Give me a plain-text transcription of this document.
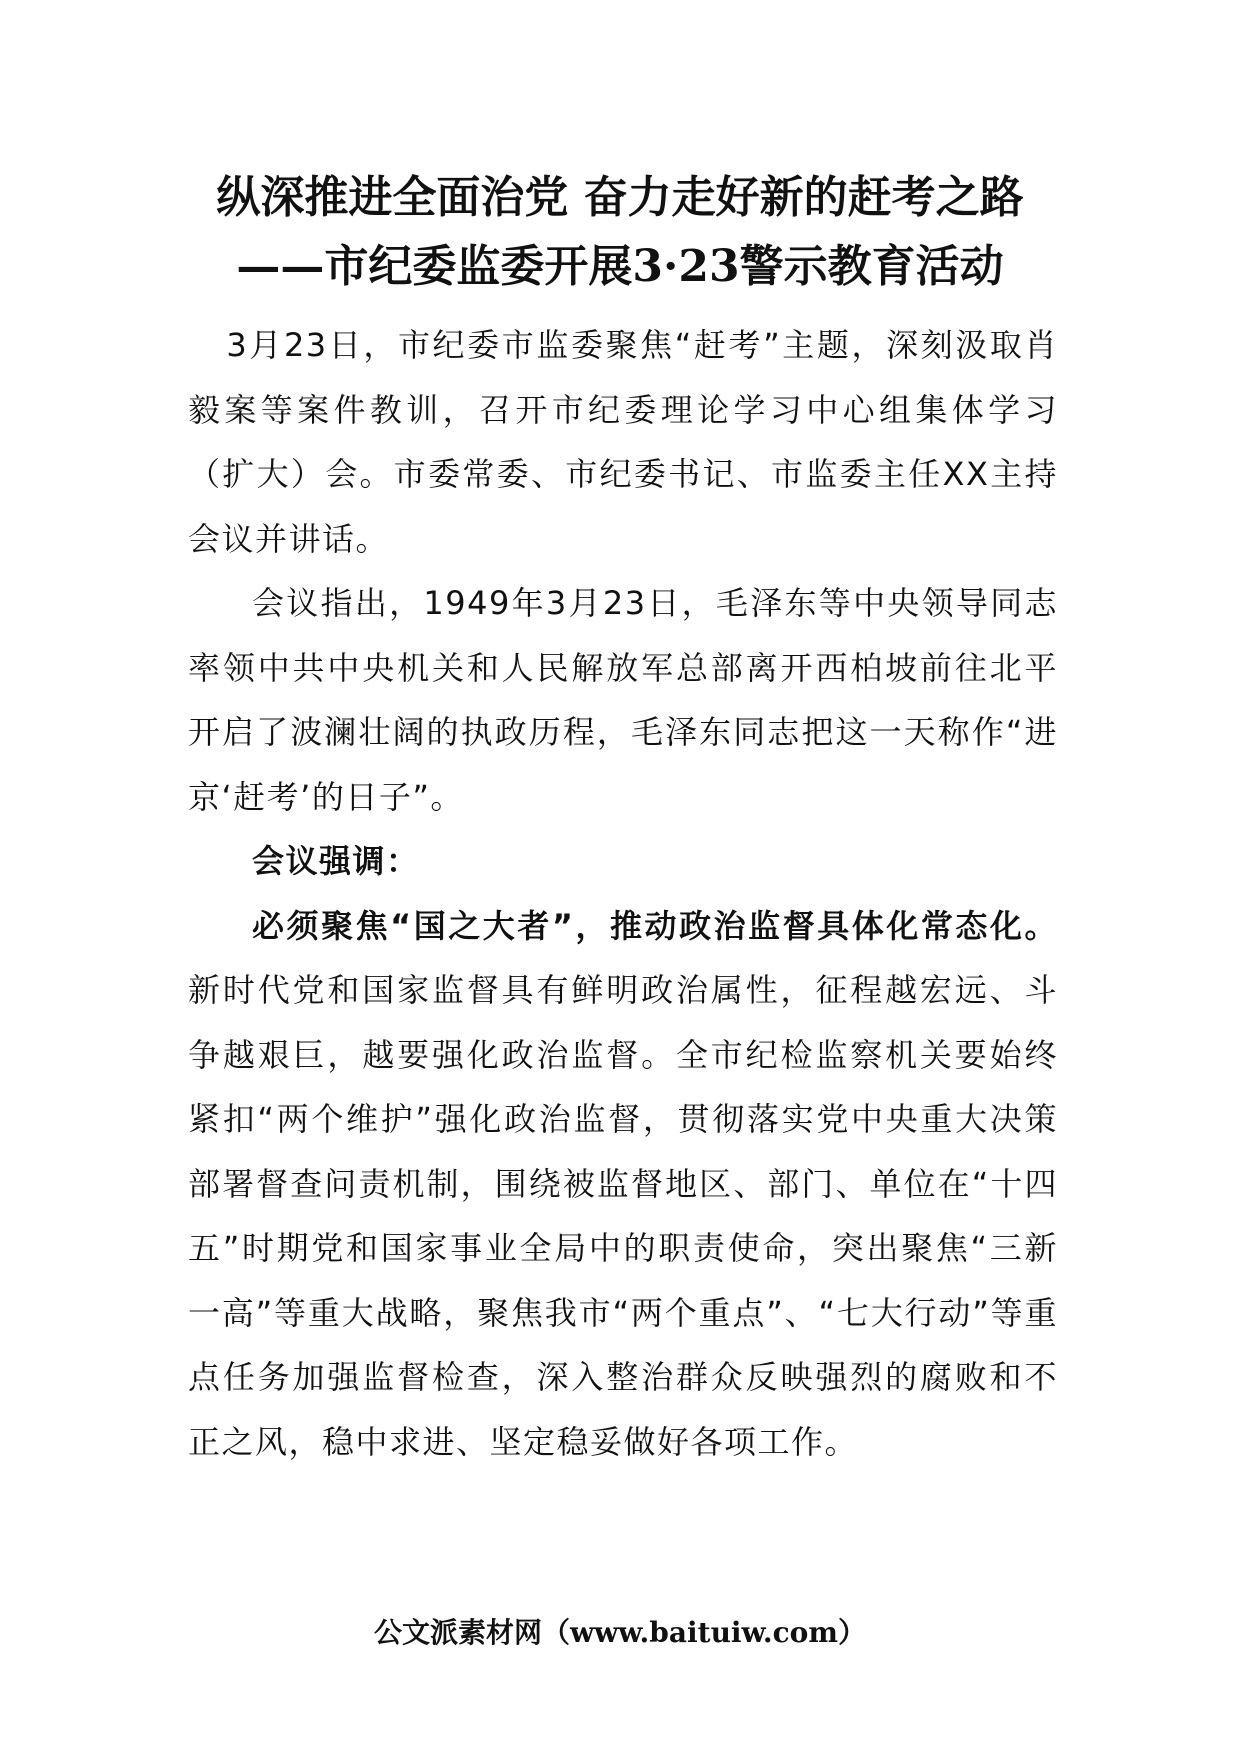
纵深推进全面治党 奋力走好新的赶考之路
——市纪委监委开展3·23警示教育活动

3月23日，市纪委市监委聚焦“赶考”主题，深刻汲取肖毅案等案件教训，召开市纪委理论学习中心组集体学习（扩大）会。市委常委、市纪委书记、市监委主任XX主持会议并讲话。

会议指出，1949年3月23日，毛泽东等中央领导同志率领中共中央机关和人民解放军总部离开西柏坡前往北平开启了波澜壮阔的执政历程，毛泽东同志把这一天称作“进京‘赶考’的日子”。

会议强调：

必须聚焦“国之大者”，推动政治监督具体化常态化。新时代党和国家监督具有鲜明政治属性，征程越宏远、斗争越艰巨，越要强化政治监督。全市纪检监察机关要始终紧扣“两个维护”强化政治监督，贯彻落实党中央重大决策部署督查问责机制，围绕被监督地区、部门、单位在“十四五”时期党和国家事业全局中的职责使命，突出聚焦“三新一高”等重大战略，聚焦我市“两个重点”、“七大行动”等重点任务加强监督检查，深入整治群众反映强烈的腐败和不正之风，稳中求进、坚定稳妥做好各项工作。

公文派素材网（www.baituiw.com）
